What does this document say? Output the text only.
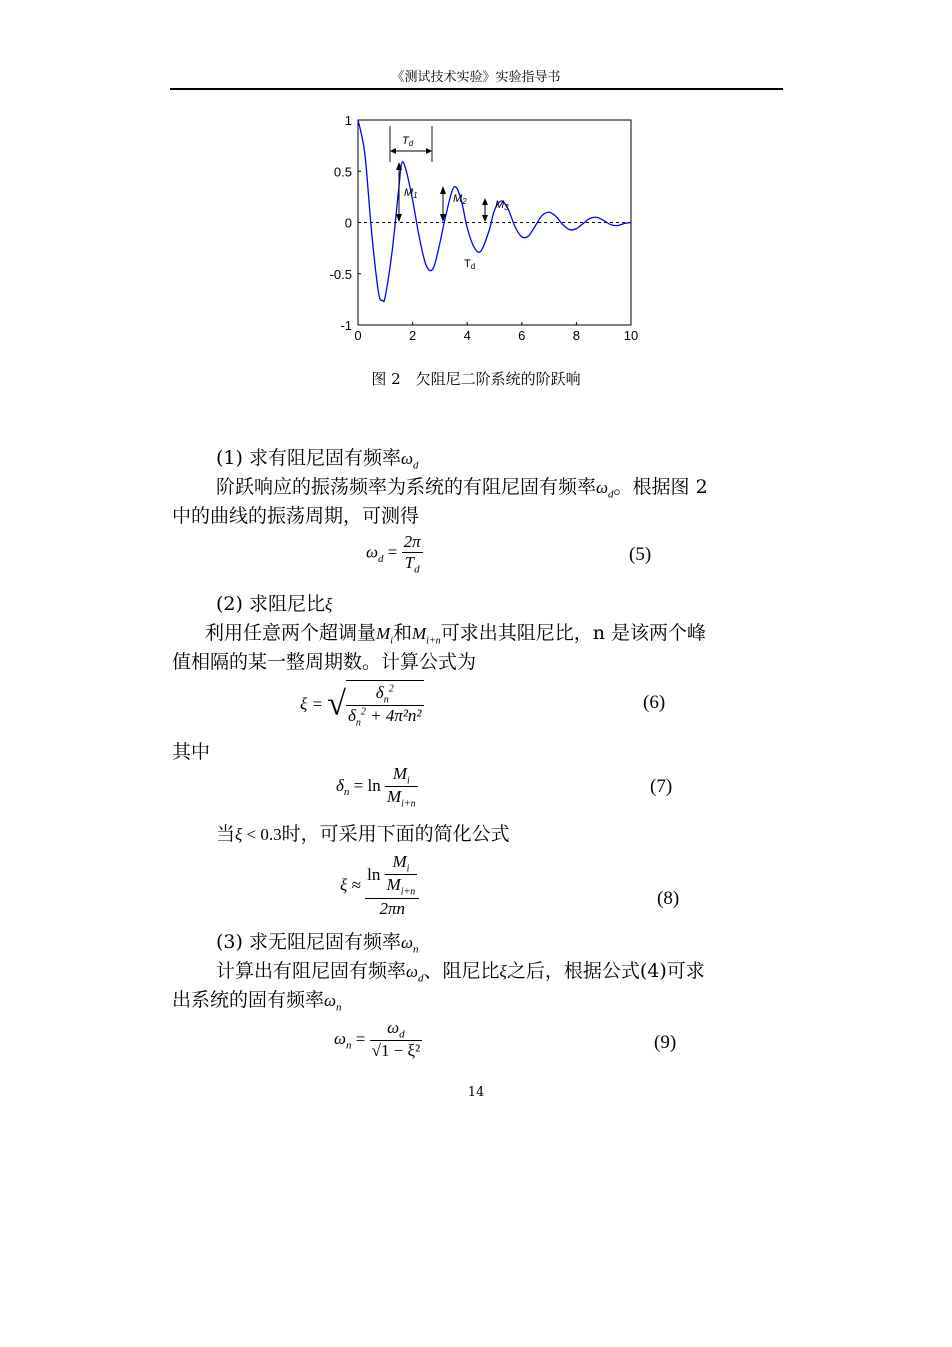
《测试技术实验》实验指导书
0	2	4	6	8	10
1
0.5
0
-0.5
-1
Td
M1	M2	M3
Td
图 2　欠阻尼二阶系统的阶跃响
(1) 求有阻尼固有频率$\omega_d$
阶跃响应的振荡频率为系统的有阻尼固有频率$\omega_d$。根据图 2
中的曲线的振荡周期，可测得
$\omega_d = \frac{2\pi}{T_d}$	(5)
(2) 求阻尼比ξ
利用任意两个超调量$M_i$和$M_{i+n}$可求出其阻尼比，n 是该两个峰
值相隔的某一整周期数。计算公式为
ξ = √ $\frac{\delta_n^2}{\delta_n^2 + 4\pi^2n^2}$	(6)
其中
$\delta_n = \ln \frac{M_i}{M_{i+n}}$	(7)
当ξ < 0.3时，可采用下面的简化公式
$\xi \approx \frac{\ln \frac{M_i}{M_{i+n}}}{2\pi n}$	(8)
(3) 求无阻尼固有频率$\omega_n$
计算出有阻尼固有频率$\omega_d$、阻尼比ξ之后，根据公式(4)可求
出系统的固有频率$\omega_n$
$\omega_n = \frac{\omega_d}{\text{√1 − ξ²}}$	(9)
14
